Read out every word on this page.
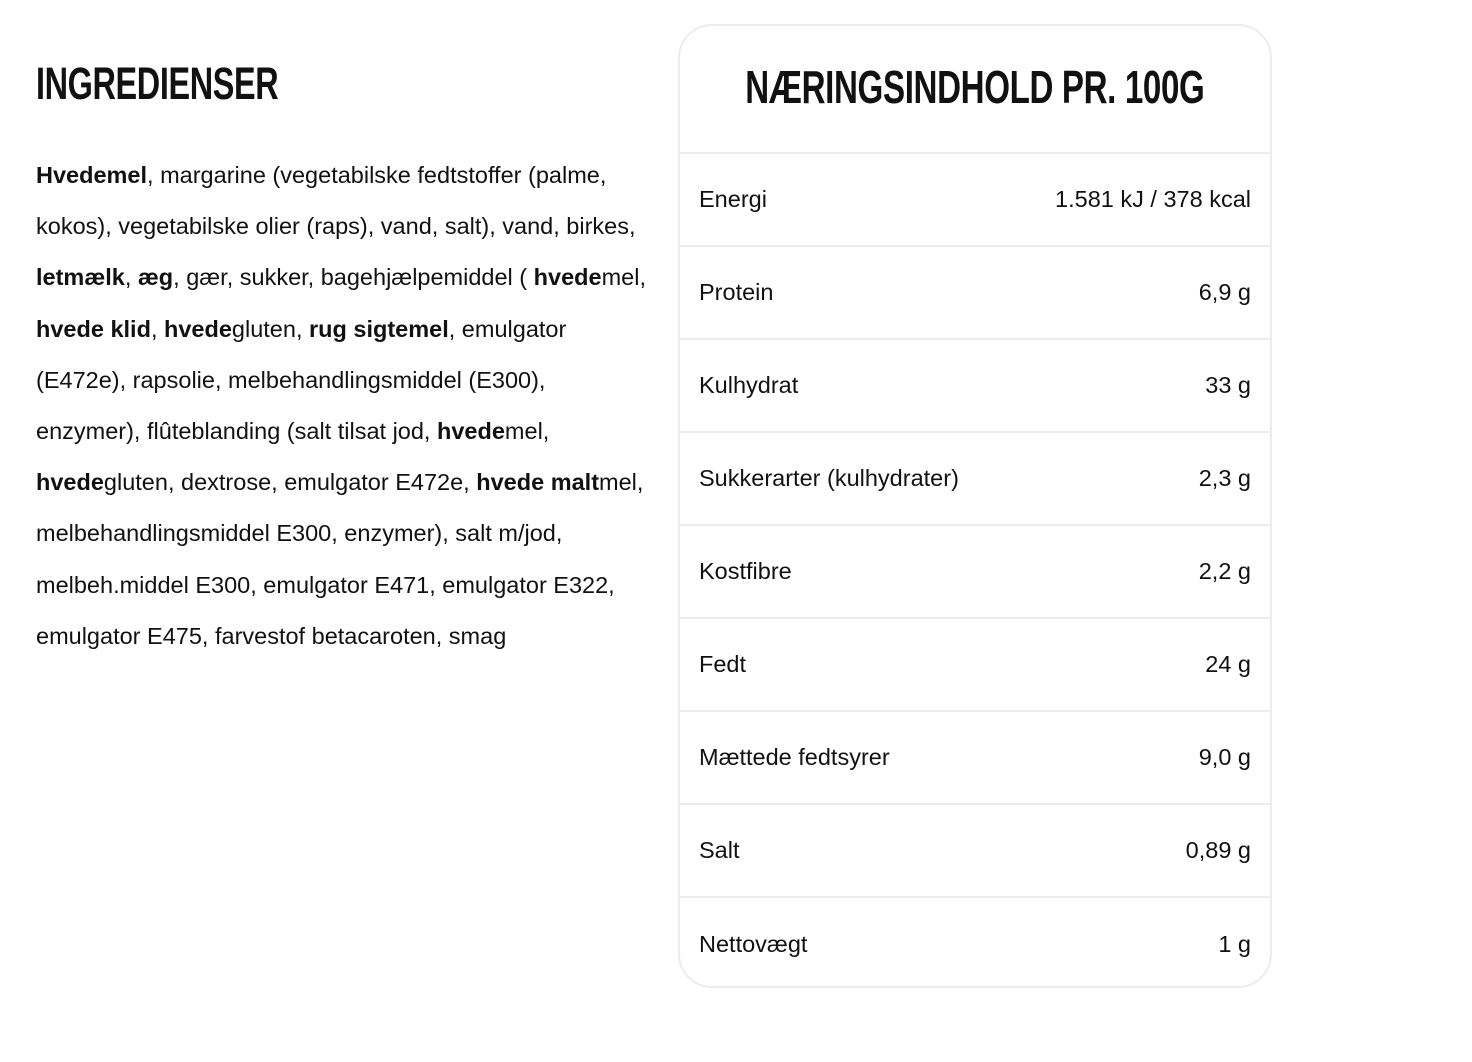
INGREDIENSER

Hvedemel, margarine (vegetabilske fedtstoffer (palme, kokos), vegetabilske olier (raps), vand, salt), vand, birkes, letmælk, æg, gær, sukker, bagehjælpemiddel ( hvedemel, hvede klid, hvedegluten, rug sigtemel, emulgator (E472e), rapsolie, melbehandlingsmiddel (E300), enzymer), flûteblanding (salt tilsat jod, hvedemel, hvedegluten, dextrose, emulgator E472e, hvede maltmel, melbehandlingsmiddel E300, enzymer), salt m/jod, melbeh.middel E300, emulgator E471, emulgator E322, emulgator E475, farvestof betacaroten, smag

NÆRINGSINDHOLD PR. 100G
Energi	1.581 kJ / 378 kcal
Protein	6,9 g
Kulhydrat	33 g
Sukkerarter (kulhydrater)	2,3 g
Kostfibre	2,2 g
Fedt	24 g
Mættede fedtsyrer	9,0 g
Salt	0,89 g
Nettovægt	1 g
